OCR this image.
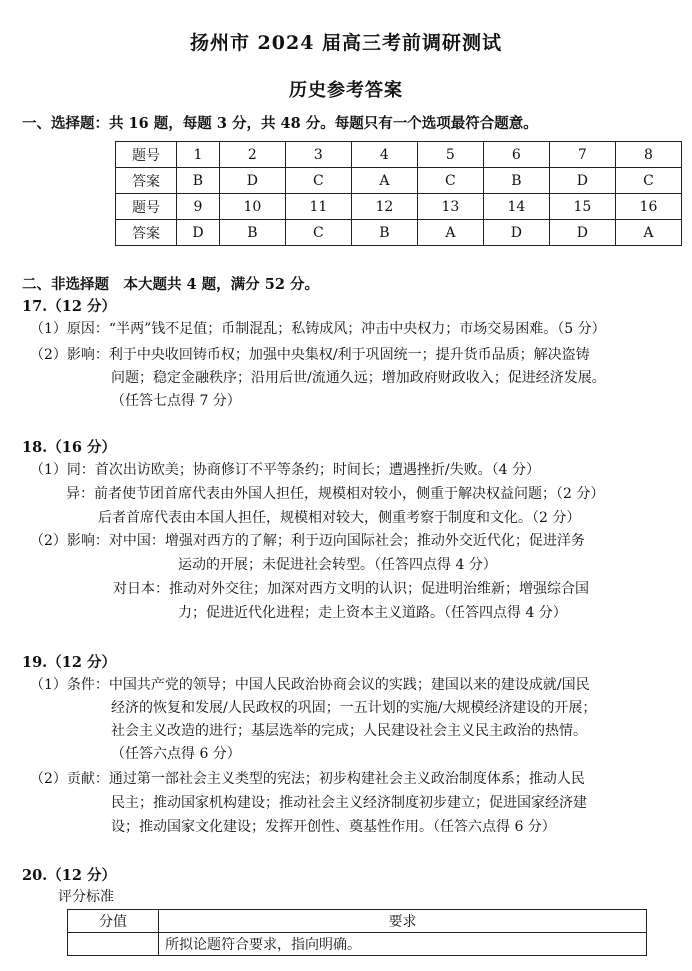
扬州市 2024 届高三考前调研测试
历史参考答案
一、选择题：共 16 题，每题 3 分，共 48 分。每题只有一个选项最符合题意。
题号	1	2	3	4	5	6	7	8
答案	B	D	C	A	C	B	D	C
题号	9	10	11	12	13	14	15	16
答案	D	B	C	B	A	D	D	A
二、非选择题　本大题共 4 题，满分 52 分。
17.（12 分）
（1）原因：“半两”钱不足值；币制混乱；私铸成风；冲击中央权力；市场交易困难。（5 分）
（2）影响：利于中央收回铸币权；加强中央集权/利于巩固统一；提升货币品质；解决盗铸
问题；稳定金融秩序；沿用后世/流通久远；增加政府财政收入；促进经济发展。
（任答七点得 7 分）
18.（16 分）
（1）同：首次出访欧美；协商修订不平等条约；时间长；遭遇挫折/失败。（4 分）
异：前者使节团首席代表由外国人担任，规模相对较小，侧重于解决权益问题；（2 分）
后者首席代表由本国人担任，规模相对较大，侧重考察于制度和文化。（2 分）
（2）影响：对中国：增强对西方的了解；利于迈向国际社会；推动外交近代化；促进洋务
运动的开展；未促进社会转型。（任答四点得 4 分）
对日本：推动对外交往；加深对西方文明的认识；促进明治维新；增强综合国
力；促进近代化进程；走上资本主义道路。（任答四点得 4 分）
19.（12 分）
（1）条件：中国共产党的领导；中国人民政治协商会议的实践；建国以来的建设成就/国民
经济的恢复和发展/人民政权的巩固；一五计划的实施/大规模经济建设的开展；
社会主义改造的进行；基层选举的完成；人民建设社会主义民主政治的热情。
（任答六点得 6 分）
（2）贡献：通过第一部社会主义类型的宪法；初步构建社会主义政治制度体系；推动人民
民主；推动国家机构建设；推动社会主义经济制度初步建立；促进国家经济建
设；推动国家文化建设；发挥开创性、奠基性作用。（任答六点得 6 分）
20.（12 分）
评分标准
分值	要求
	所拟论题符合要求，指向明确。
